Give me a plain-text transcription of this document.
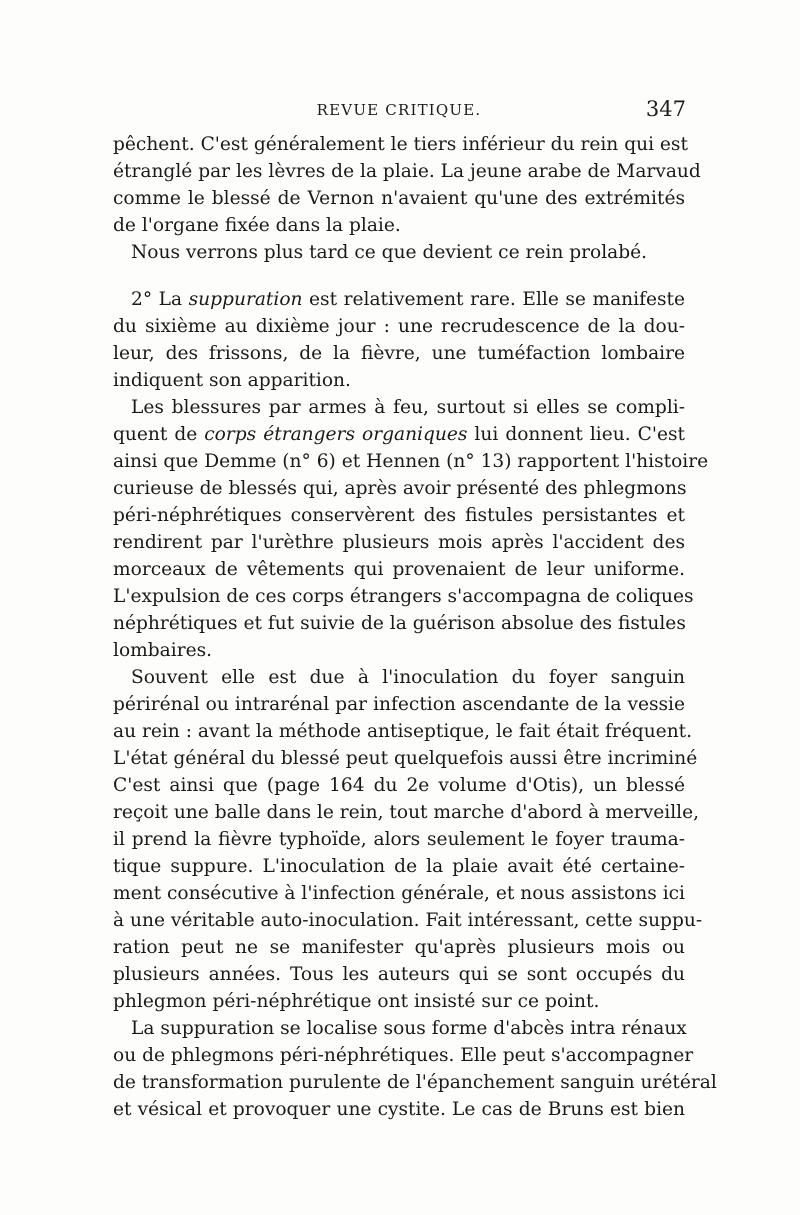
REVUE CRITIQUE.	347
pêchent. C'est généralement le tiers inférieur du rein qui est
étranglé par les lèvres de la plaie. La jeune arabe de Marvaud
comme le blessé de Vernon n'avaient qu'une des extrémités
de l'organe fixée dans la plaie.
Nous verrons plus tard ce que devient ce rein prolabé.
2° La suppuration est relativement rare. Elle se manifeste
du sixième au dixième jour : une recrudescence de la dou-
leur, des frissons, de la fièvre, une tuméfaction lombaire
indiquent son apparition.
Les blessures par armes à feu, surtout si elles se compli-
quent de corps étrangers organiques lui donnent lieu. C'est
ainsi que Demme (n° 6) et Hennen (n° 13) rapportent l'histoire
curieuse de blessés qui, après avoir présenté des phlegmons
péri-néphrétiques conservèrent des fistules persistantes et
rendirent par l'urèthre plusieurs mois après l'accident des
morceaux de vêtements qui provenaient de leur uniforme.
L'expulsion de ces corps étrangers s'accompagna de coliques
néphrétiques et fut suivie de la guérison absolue des fistules
lombaires.
Souvent elle est due à l'inoculation du foyer sanguin
périrénal ou intrarénal par infection ascendante de la vessie
au rein : avant la méthode antiseptique, le fait était fréquent.
L'état général du blessé peut quelquefois aussi être incriminé
C'est ainsi que (page 164 du 2e volume d'Otis), un blessé
reçoit une balle dans le rein, tout marche d'abord à merveille,
il prend la fièvre typhoïde, alors seulement le foyer trauma-
tique suppure. L'inoculation de la plaie avait été certaine-
ment consécutive à l'infection générale, et nous assistons ici
à une véritable auto-inoculation. Fait intéressant, cette suppu-
ration peut ne se manifester qu'après plusieurs mois ou
plusieurs années. Tous les auteurs qui se sont occupés du
phlegmon péri-néphrétique ont insisté sur ce point.
La suppuration se localise sous forme d'abcès intra rénaux
ou de phlegmons péri-néphrétiques. Elle peut s'accompagner
de transformation purulente de l'épanchement sanguin urétéral
et vésical et provoquer une cystite. Le cas de Bruns est bien
